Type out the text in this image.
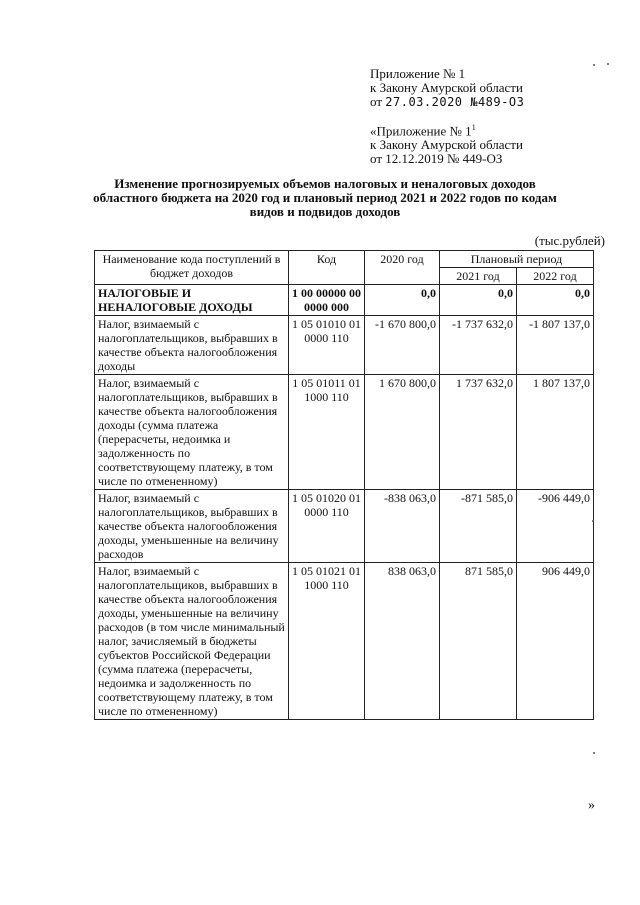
Приложение № 1
к Закону Амурской области
от 27.03.2020 №489-ОЗ
«Приложение № $1^1$
к Закону Амурской области
от 12.12.2019 № 449-ОЗ
Изменение прогнозируемых объемов налоговых и неналоговых доходов областного бюджета на 2020 год и плановый период 2021 и 2022 годов по кодам видов и подвидов доходов
(тыс.рублей)
Наименование кода поступлений в бюджет доходов	Код	2020 год	Плановый период	
			2021 год	2022 год
НАЛОГОВЫЕ И НЕНАЛОГОВЫЕ ДОХОДЫ	1 00 00000 00 0000 000	0,0	0,0	0,0
Налог, взимаемый с налогоплательщиков, выбравших в качестве объекта налогообложения доходы	1 05 01010 01 0000 110	-1 670 800,0	-1 737 632,0	-1 807 137,0
Налог, взимаемый с налогоплательщиков, выбравших в качестве объекта налогообложения доходы (сумма платежа (перерасчеты, недоимка и задолженность по соответствующему платежу, в том числе по отмененному)	1 05 01011 01 1000 110	1 670 800,0	1 737 632,0	1 807 137,0
Налог, взимаемый с налогоплательщиков, выбравших в качестве объекта налогообложения доходы, уменьшенные на величину расходов	1 05 01020 01 0000 110	-838 063,0	-871 585,0	-906 449,0
Налог, взимаемый с налогоплательщиков, выбравших в качестве объекта налогообложения доходы, уменьшенные на величину расходов (в том числе минимальный налог, зачисляемый в бюджеты субъектов Российской Федерации (сумма платежа (перерасчеты, недоимка и задолженность по соответствующему платежу, в том числе по отмененному)	1 05 01021 01 1000 110	838 063,0	871 585,0	906 449,0
»
